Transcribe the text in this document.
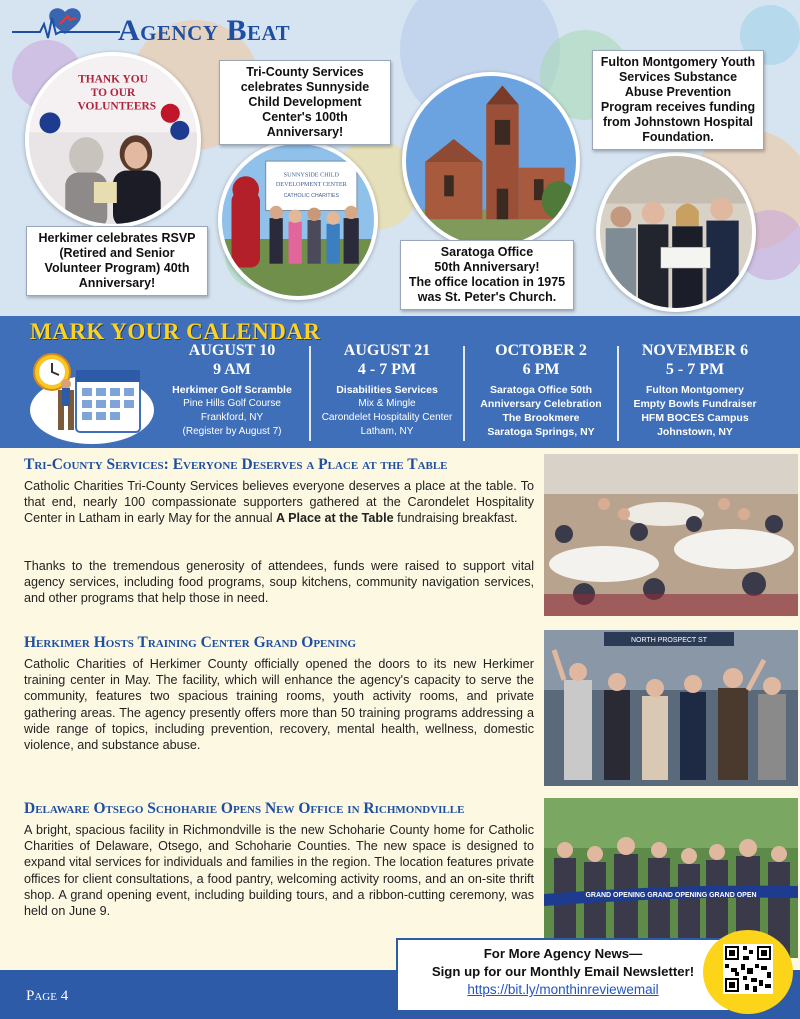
Agency Beat
THANK YOU
TO OUR
VOLUNTEERS
SUNNYSIDE CHILD
DEVELOPMENT CENTER
CATHOLIC CHARITIES
Tri-County Services celebrates Sunnyside Child Development Center's 100th Anniversary!
Herkimer celebrates RSVP (Retired and Senior Volunteer Program) 40th Anniversary!
Saratoga Office
50th Anniversary!
The office location in 1975
was St. Peter's Church.
Fulton Montgomery Youth Services Substance Abuse Prevention Program receives funding from Johnstown Hospital Foundation.
MARK YOUR CALENDAR
AUGUST 10
9 AM
Herkimer Golf Scramble
Pine Hills Golf Course
Frankford, NY
(Register by August 7)
AUGUST 21
4 - 7 PM
Disabilities Services
Mix & Mingle
Carondelet Hospitality Center
Latham, NY
OCTOBER 2
6 PM
Saratoga Office 50th
Anniversary Celebration
The Brookmere
Saratoga Springs, NY
NOVEMBER 6
5 - 7 PM
Fulton Montgomery
Empty Bowls Fundraiser
HFM BOCES Campus
Johnstown, NY
Tri-County Services: Everyone Deserves a Place at the Table
Catholic Charities Tri-County Services believes everyone deserves a place at the table. To that end, nearly 100 compassionate supporters gathered at the Carondelet Hospitality Center in Latham in early May for the annual A Place at the Table fundraising breakfast.
Thanks to the tremendous generosity of attendees, funds were raised to support vital agency services, including food programs, soup kitchens, community navigation services, and other programs that help those in need.
Herkimer Hosts Training Center Grand Opening
Catholic Charities of Herkimer County officially opened the doors to its new Herkimer training center in May. The facility, which will enhance the agency's capacity to serve the community, features two spacious training rooms, youth activity rooms, and private gathering areas. The agency presently offers more than 50 training programs addressing a wide range of topics, including prevention, recovery, mental health, wellness, domestic violence, and substance abuse.
NORTH PROSPECT ST
Delaware Otsego Schoharie Opens New Office in Richmondville
A bright, spacious facility in Richmondville is the new Schoharie County home for Catholic Charities of Delaware, Otsego, and Schoharie Counties. The new space is designed to expand vital services for individuals and families in the region. The location features private offices for client consultations, a food pantry, welcoming activity rooms, and an on-site thrift shop. A grand opening event, including building tours, and a ribbon-cutting ceremony, was held on June 9.
GRAND OPENING GRAND OPENING GRAND OPEN
Page 4
For More Agency News—
Sign up for our Monthly Email Newsletter!
https://bit.ly/monthinreviewemail
